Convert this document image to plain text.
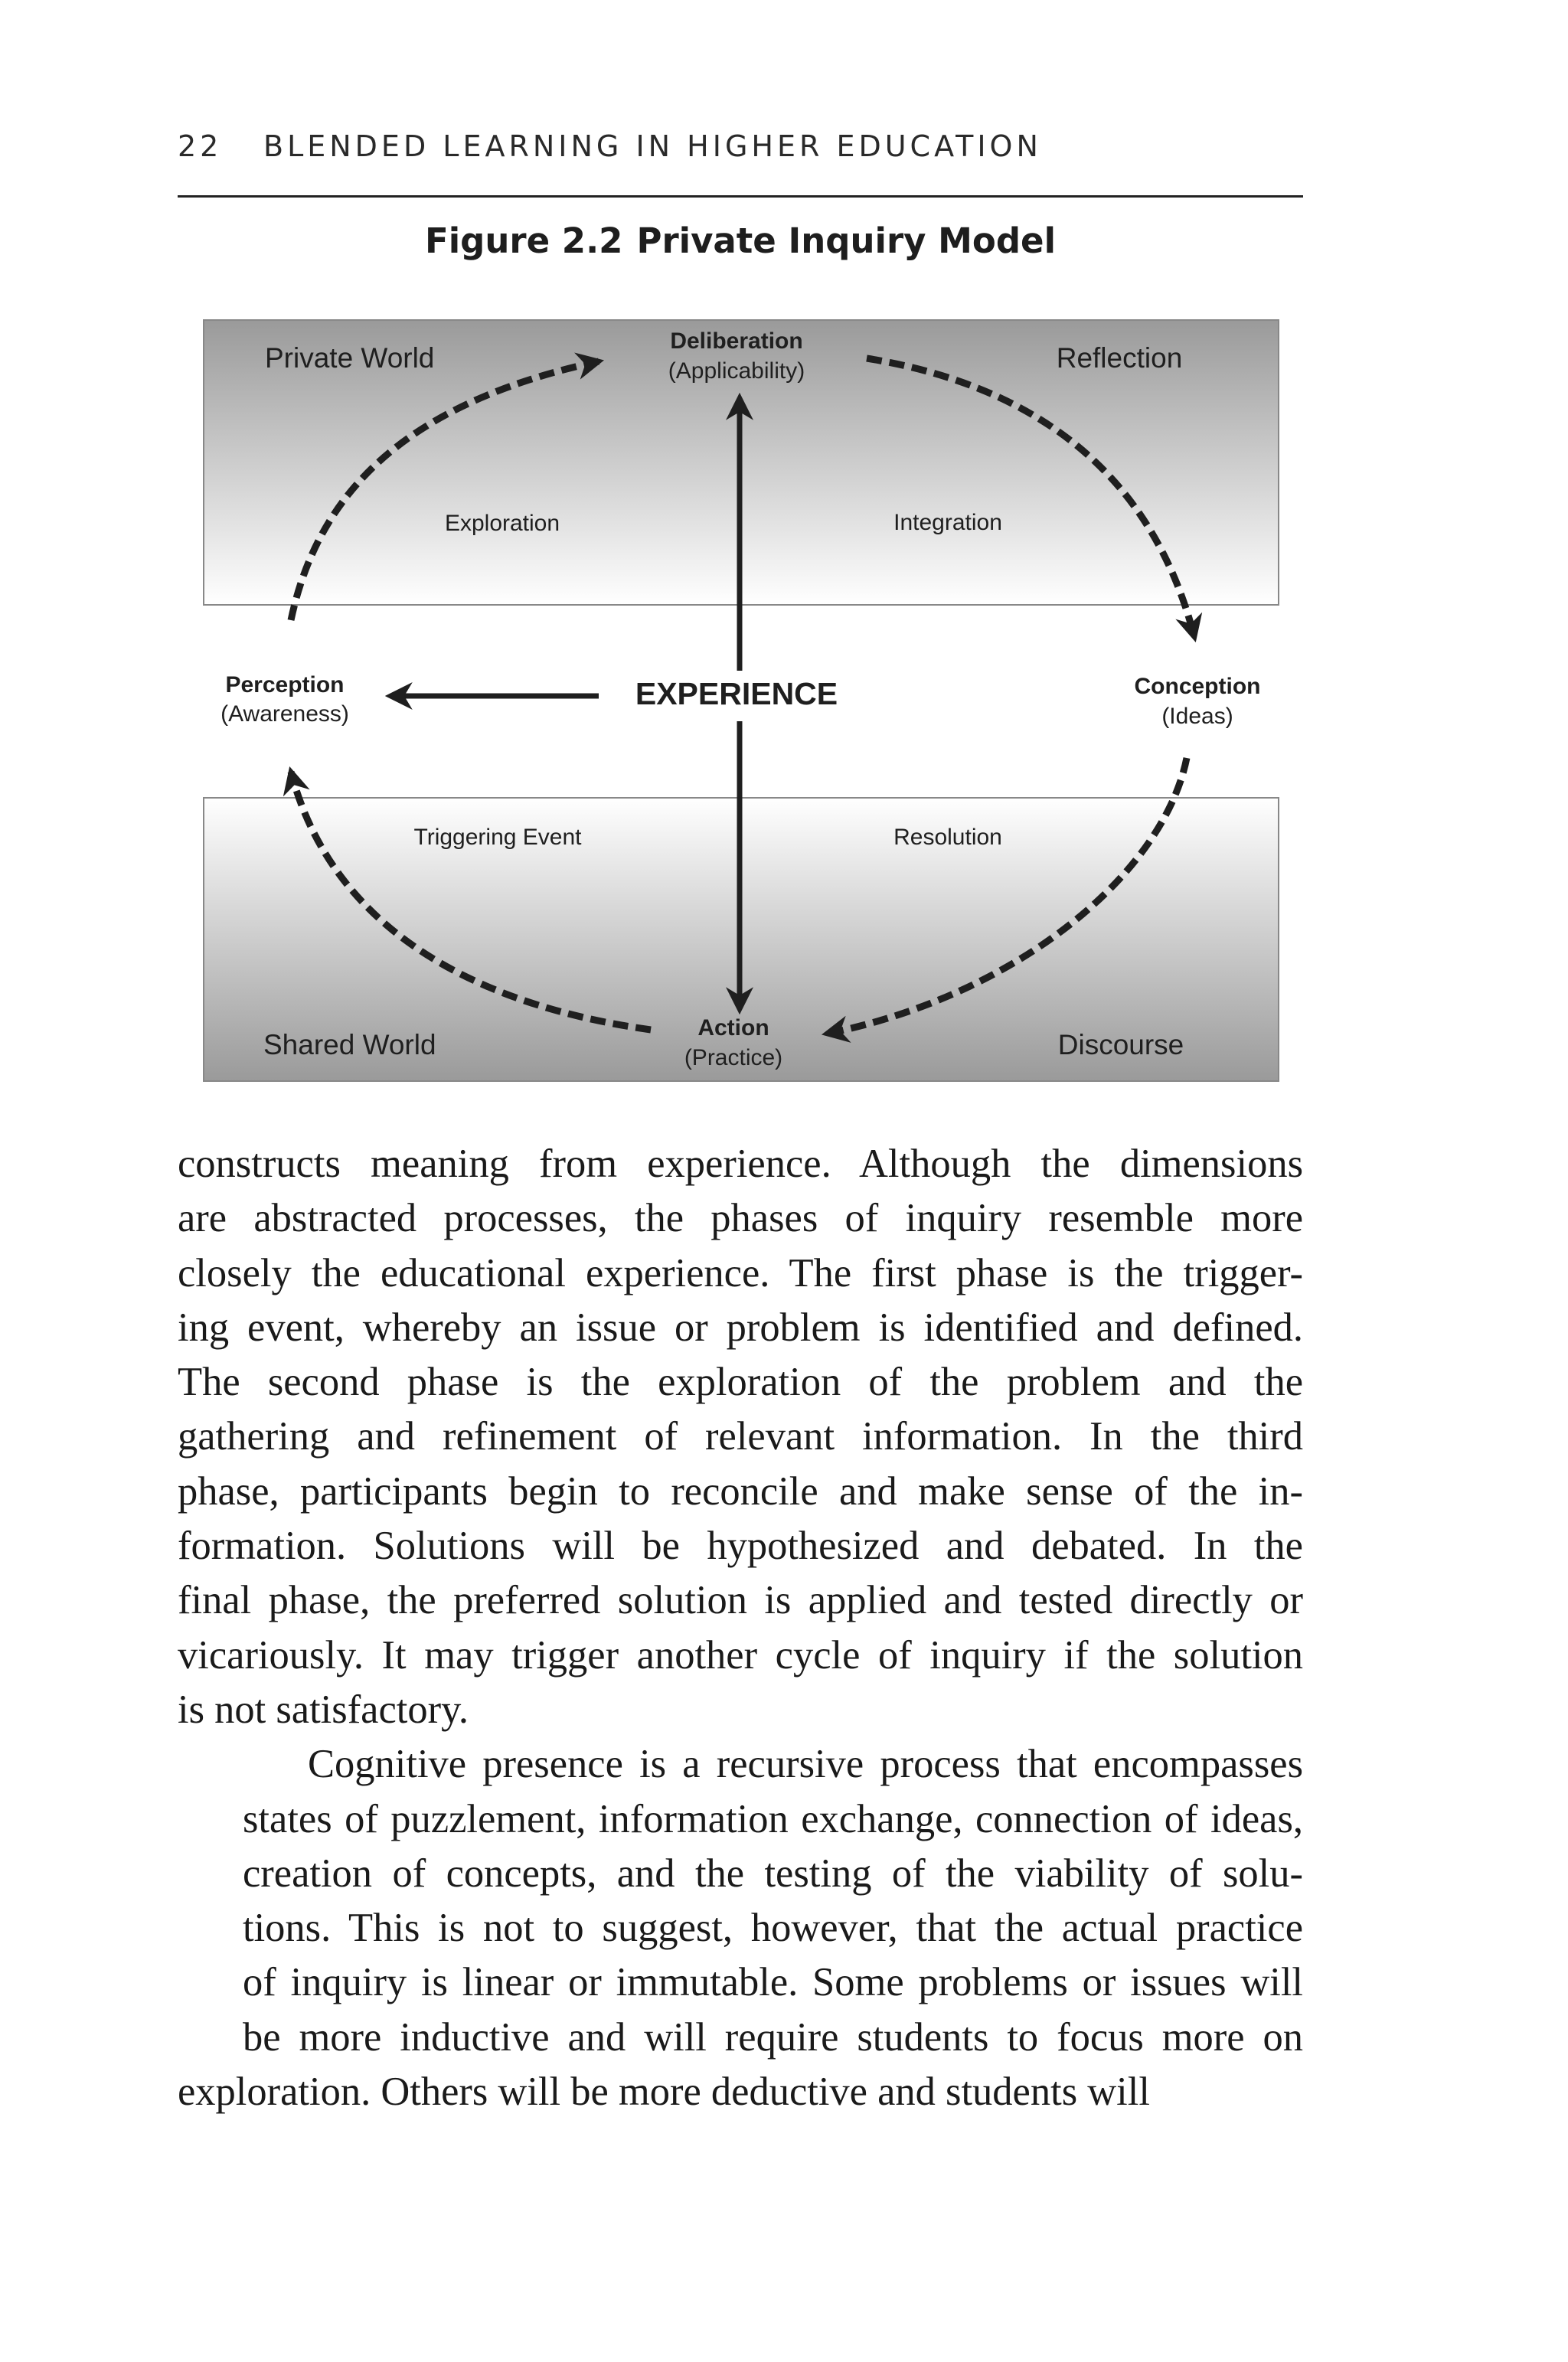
22 BLENDED LEARNING IN HIGHER EDUCATION
Figure 2.2 Private Inquiry Model
Private World	Reflection
Shared World	Discourse
Exploration	Integration
Triggering Event	Resolution
Deliberation
(Applicability)
Perception
(Awareness)
Conception
(Ideas)
Action
(Practice)
EXPERIENCE

constructs meaning from experience. Although the dimensions
are abstracted processes, the phases of inquiry resemble more
closely the educational experience. The first phase is the trigger-
ing event, whereby an issue or problem is identified and defined.
The second phase is the exploration of the problem and the
gathering and refinement of relevant information. In the third
phase, participants begin to reconcile and make sense of the in-
formation. Solutions will be hypothesized and debated. In the
final phase, the preferred solution is applied and tested directly or
vicariously. It may trigger another cycle of inquiry if the solution
is not satisfactory.

Cognitive presence is a recursive process that encompasses
states of puzzlement, information exchange, connection of ideas,
creation of concepts, and the testing of the viability of solu-
tions. This is not to suggest, however, that the actual practice
of inquiry is linear or immutable. Some problems or issues will
be more inductive and will require students to focus more on
exploration. Others will be more deductive and students will
